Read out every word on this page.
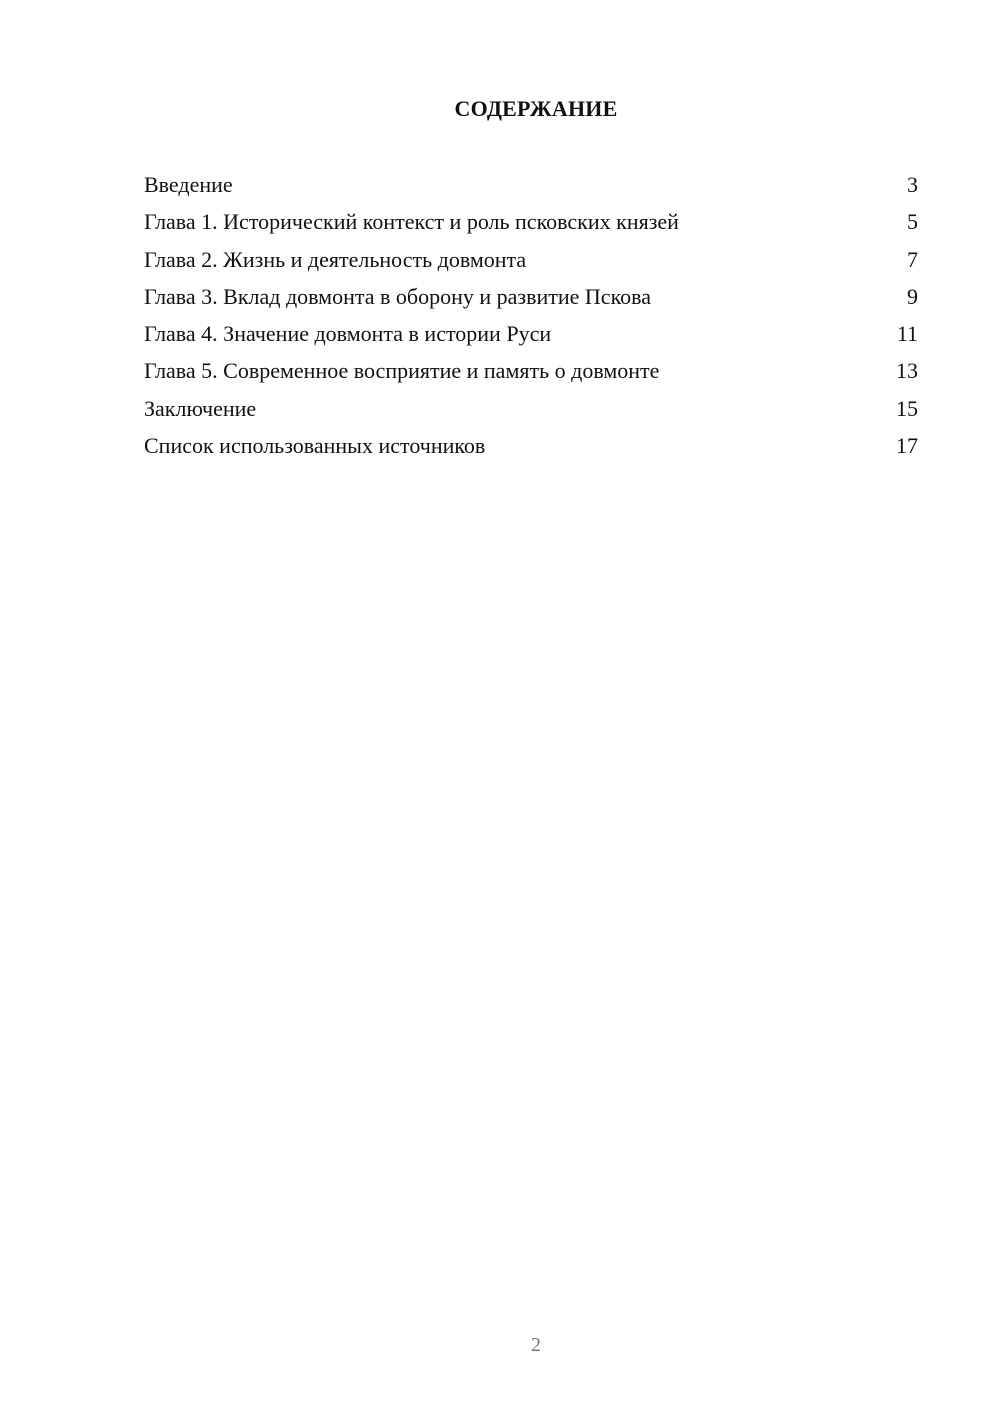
СОДЕРЖАНИЕ
Введение	3
Глава 1. Исторический контекст и роль псковских князей	5
Глава 2. Жизнь и деятельность довмонта	7
Глава 3. Вклад довмонта в оборону и развитие Пскова	9
Глава 4. Значение довмонта в истории Руси	11
Глава 5. Современное восприятие и память о довмонте	13
Заключение	15
Список использованных источников	17
2
